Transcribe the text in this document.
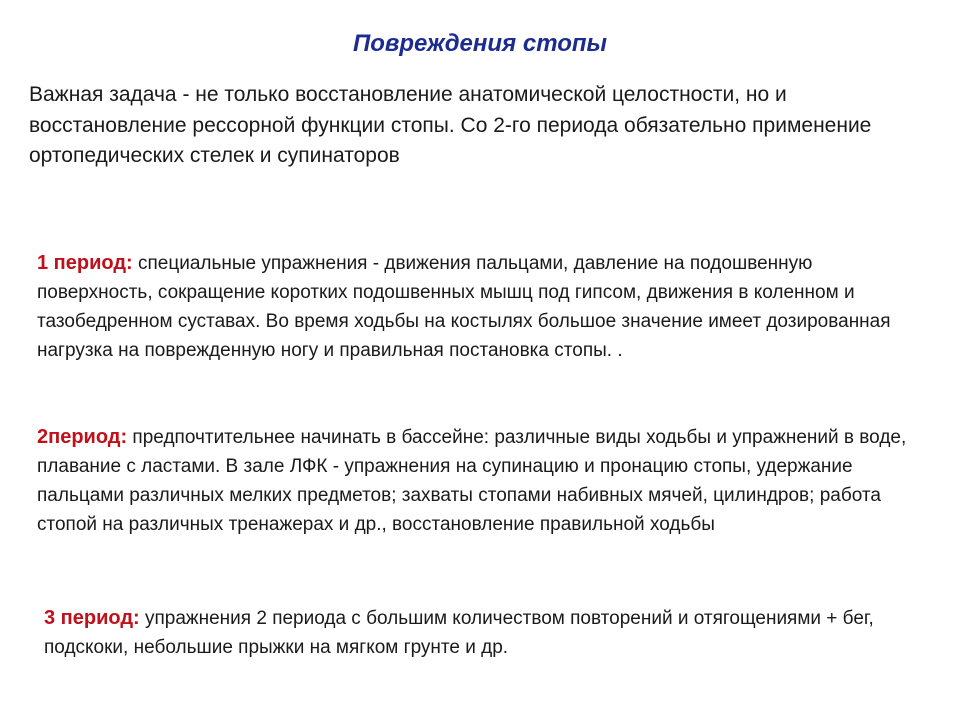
Повреждения стопы

Важная задача - не только восстановление анатомической целостности, но и восстановление рессорной функции стопы. Со 2-го периода обязательно применение ортопедических стелек и супинаторов

1 период: специальные упражнения - движения пальцами, давление на подошвенную поверхность, сокращение коротких подошвенных мышц под гипсом, движения в коленном и тазобедренном суставах. Во время ходьбы на костылях большое значение имеет дозированная нагрузка на поврежденную ногу и правильная постановка стопы. .

2период: предпочтительнее начинать в бассейне: различные виды ходьбы и упражнений в воде, плавание с ластами. В зале ЛФК - упражнения на супинацию и пронацию стопы, удержание пальцами различных мелких предметов; захваты стопами набивных мячей, цилиндров; работа стопой на различных тренажерах и др., восстановление правильной ходьбы

3 период: упражнения 2 периода с большим количеством повторений и отягощениями + бег, подскоки, небольшие прыжки на мягком грунте и др.
